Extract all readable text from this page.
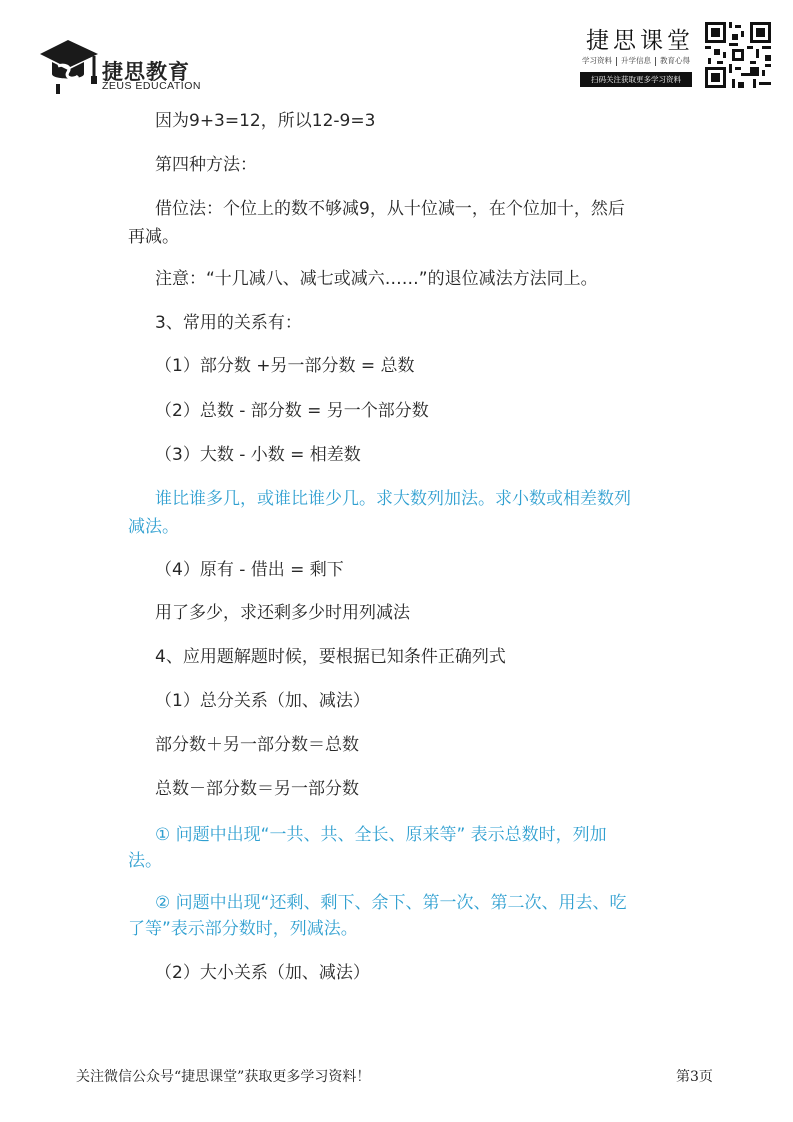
捷思教育
ZEUS EDUCATION
捷思课堂
学习资料 升学信息 教育心得
扫码关注获取更多学习资料
因为9+3=12，所以12-9=3
第四种方法：
借位法：个位上的数不够减9，从十位减一，在个位加十，然后
再减。
注意：“十几减八、减七或减六……”的退位减法方法同上。
3、常用的关系有：
（1）部分数 +另一部分数 = 总数
（2）总数 - 部分数 = 另一个部分数
（3）大数 - 小数 = 相差数
谁比谁多几，或谁比谁少几。求大数列加法。求小数或相差数列
减法。
（4）原有 - 借出 = 剩下
用了多少，求还剩多少时用列减法
4、应用题解题时候，要根据已知条件正确列式
（1）总分关系（加、减法）
部分数＋另一部分数＝总数
总数－部分数＝另一部分数
① 问题中出现“一共、共、全长、原来等” 表示总数时，列加
法。
② 问题中出现“还剩、剩下、余下、第一次、第二次、用去、吃
了等”表示部分数时，列减法。
（2）大小关系（加、减法）
关注微信公众号“捷思课堂”获取更多学习资料！	第3页
